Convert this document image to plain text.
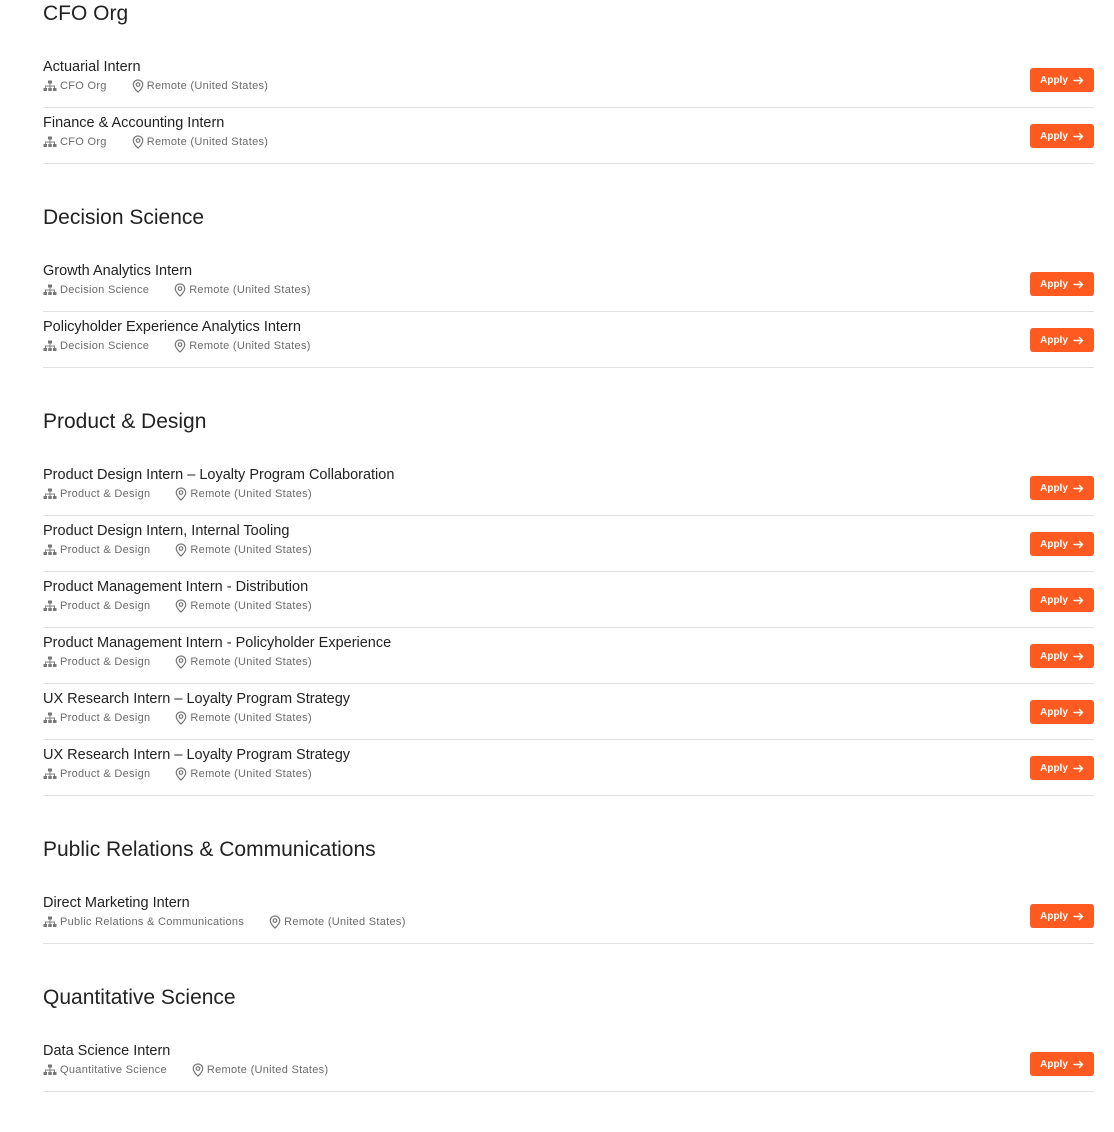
CFO Org
Actuarial Intern
CFO Org	Remote (United States)	Apply
Finance & Accounting Intern
CFO Org	Remote (United States)	Apply
Decision Science
Growth Analytics Intern
Decision Science	Remote (United States)	Apply
Policyholder Experience Analytics Intern
Decision Science	Remote (United States)	Apply
Product & Design
Product Design Intern – Loyalty Program Collaboration
Product & Design	Remote (United States)	Apply
Product Design Intern, Internal Tooling
Product & Design	Remote (United States)	Apply
Product Management Intern - Distribution
Product & Design	Remote (United States)	Apply
Product Management Intern - Policyholder Experience
Product & Design	Remote (United States)	Apply
UX Research Intern – Loyalty Program Strategy
Product & Design	Remote (United States)	Apply
UX Research Intern – Loyalty Program Strategy
Product & Design	Remote (United States)	Apply
Public Relations & Communications
Direct Marketing Intern
Public Relations & Communications	Remote (United States)	Apply
Quantitative Science
Data Science Intern
Quantitative Science	Remote (United States)	Apply
